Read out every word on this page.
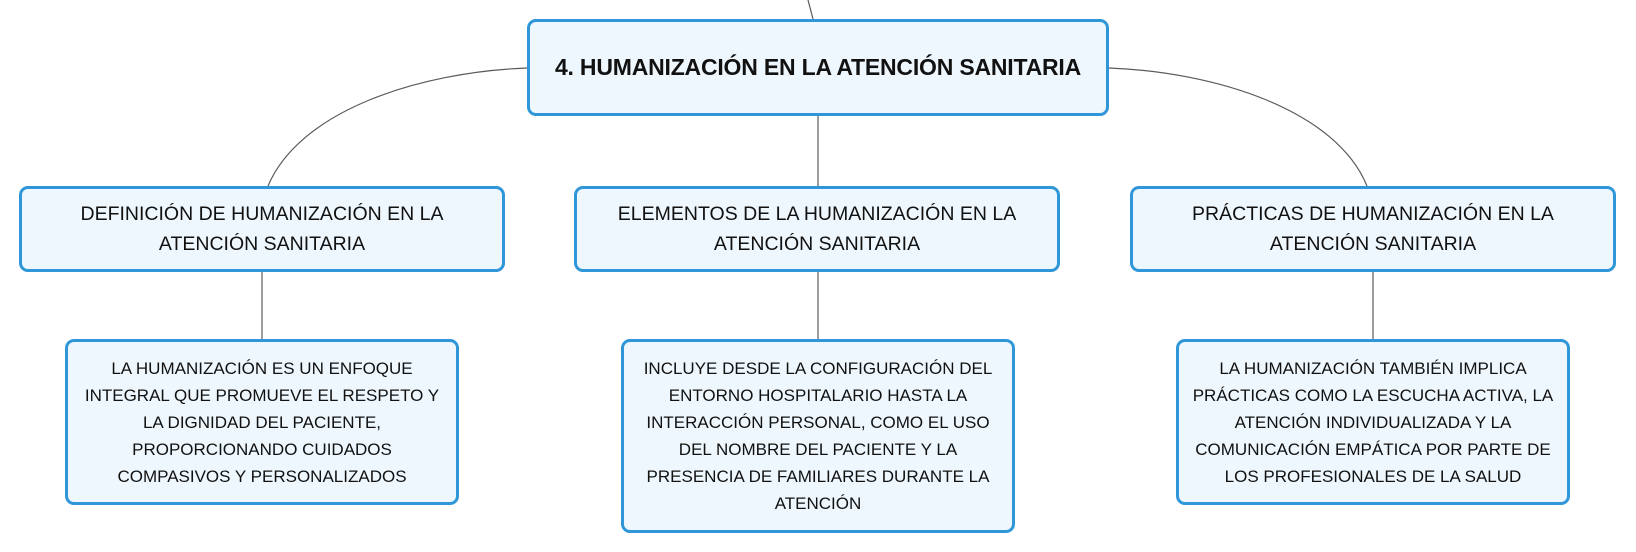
4. HUMANIZACIÓN EN LA ATENCIÓN SANITARIA
DEFINICIÓN DE HUMANIZACIÓN EN LA ATENCIÓN SANITARIA
ELEMENTOS DE LA HUMANIZACIÓN EN LA ATENCIÓN SANITARIA
PRÁCTICAS DE HUMANIZACIÓN EN LA ATENCIÓN SANITARIA
LA HUMANIZACIÓN ES UN ENFOQUE INTEGRAL QUE PROMUEVE EL RESPETO Y LA DIGNIDAD DEL PACIENTE, PROPORCIONANDO CUIDADOS COMPASIVOS Y PERSONALIZADOS
INCLUYE DESDE LA CONFIGURACIÓN DEL ENTORNO HOSPITALARIO HASTA LA INTERACCIÓN PERSONAL, COMO EL USO DEL NOMBRE DEL PACIENTE Y LA PRESENCIA DE FAMILIARES DURANTE LA ATENCIÓN
LA HUMANIZACIÓN TAMBIÉN IMPLICA PRÁCTICAS COMO LA ESCUCHA ACTIVA, LA ATENCIÓN INDIVIDUALIZADA Y LA COMUNICACIÓN EMPÁTICA POR PARTE DE LOS PROFESIONALES DE LA SALUD
